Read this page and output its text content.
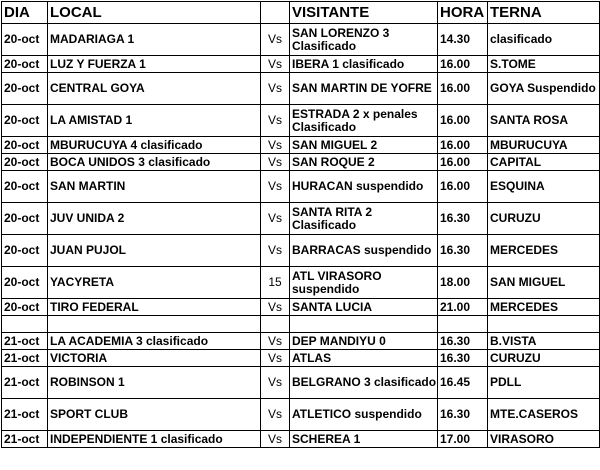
DIA	LOCAL		VISITANTE	HORA	TERNA
20-oct	MADARIAGA 1	Vs	SAN LORENZO 3 Clasificado	14.30	clasificado
20-oct	LUZ Y FUERZA 1	Vs	IBERA 1 clasificado	16.00	S.TOME
20-oct	CENTRAL GOYA	Vs	SAN MARTIN DE YOFRE	16.00	GOYA Suspendido
20-oct	LA AMISTAD 1	Vs	ESTRADA 2 x penales Clasificado	16.00	SANTA ROSA
20-oct	MBURUCUYA 4 clasificado	Vs	SAN MIGUEL 2	16.00	MBURUCUYA
20-oct	BOCA UNIDOS 3 clasificado	Vs	SAN ROQUE 2	16.00	CAPITAL
20-oct	SAN MARTIN	Vs	HURACAN suspendido	16.00	ESQUINA
20-oct	JUV UNIDA 2	Vs	SANTA RITA 2 Clasificado	16.30	CURUZU
20-oct	JUAN PUJOL	Vs	BARRACAS suspendido	16.30	MERCEDES
20-oct	YACYRETA	15	ATL VIRASORO suspendido	18.00	SAN MIGUEL
20-oct	TIRO FEDERAL	Vs	SANTA LUCIA	21.00	MERCEDES

21-oct	LA ACADEMIA 3 clasificado	Vs	DEP MANDIYU 0	16.30	B.VISTA
21-oct	VICTORIA	Vs	ATLAS	16.30	CURUZU
21-oct	ROBINSON 1	Vs	BELGRANO 3 clasificado	16.45	PDLL
21-oct	SPORT CLUB	Vs	ATLETICO suspendido	16.30	MTE.CASEROS
21-oct	INDEPENDIENTE 1 clasificado	Vs	SCHEREA 1	17.00	VIRASORO
